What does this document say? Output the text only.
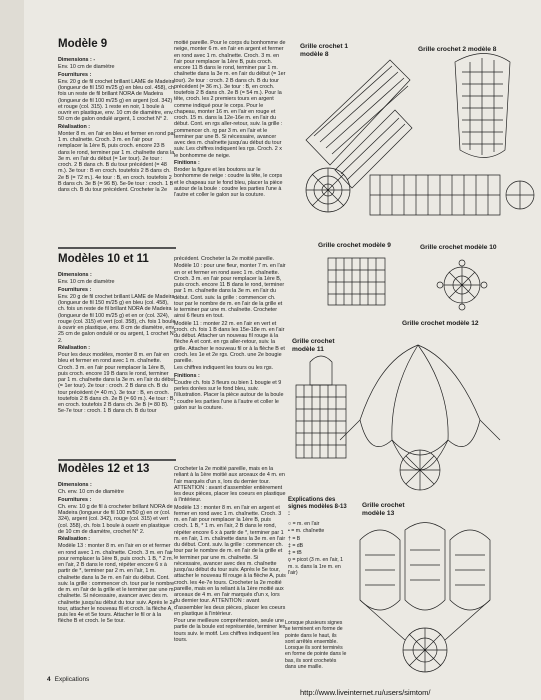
Modèle 9

Dimensions : -

Env. 10 cm de diamètre

Fournitures :

Env. 20 g de fil crochet brillant LAME de Madeira (longueur de fil 150 m/25 g) en bleu col. 458), ch. fois un reste de fil brillant NORA de Madeira (longueur de fil 100 m/25 g) en argent (col. 342) et rouge (col. 315). 1 reste en noir, 1 boule à ouvrir en plastique, env. 10 cm de diamètre, env. 50 cm de galon ondulé argent, 1 crochet N° 2.

Réalisation :

Monter 8 m. en l'air en bleu et fermer en rond par 1 m. chaînette. Croch. 3 m. en l'air pour remplacer la 1ère B, puis croch. encore 23 B dans le rond, terminer par 1 m. chaînette dans la 3e m. en l'air du début (= 1er tour). 2e tour : croch. 2 B dans ch. B du tour précédent (= 48 m.). 3e tour : B en croch. toutefois 2 B dans ch. 2e B (= 72 m.). 4e tour : B, en croch. toutefois 2 B dans ch. 3e B (= 96 B). 5e-9e tour : croch. 1 B dans ch. B du tour précédent. Crocheter la 2e

Modèles 10 et 11

Dimensions :

Env. 10 cm de diamètre

Fournitures :

Env. 20 g de fil crochet brillant LAME de Madeira (longueur de fil 150 m/25 g) en bleu (col. 458), ch. fois un reste de fil brillant NORA de Madeira (longueur de fil 100 m/25 g) et en or (col. 324), rouge (col. 315) et vert (col. 358), ch. fois 1 boule à ouvrir en plastique, env. 8 cm de diamètre, env. 25 cm de galon ondulé or ou argent, 1 crochet N° 2.

Réalisation :

Pour les deux modèles, monter 8 m. en l'air en bleu et fermer en rond avec 1 m. chaînette. Croch. 3 m. en l'air pour remplacer la 1ère B, puis croch. encore 19 B dans le rond, terminer par 1 m. chaînette dans la 3e m. en l'air du début (= 1er tour). 2e tour : croch. 2 B dans ch. B du tour précédent (= 40 m.). 3e tour : B, en croch. toutefois 2 B dans ch. 2e B (= 60 m.). 4e tour : B, en croch. toutefois 2 B dans ch. 3e B (= 80 B). 5e-7e tour : croch. 1 B dans ch. B du tour

Modèles 12 et 13

Dimensions :

Ch. env. 10 cm de diamètre

Fournitures :

Ch. env. 10 g de fil à crocheter brillant NORA de Madeira (longueur de fil 100 m/50 g) en or (col. 324), argent (col. 342), rouge (col. 315) et vert (col. 358), ch. fois 1 boule à ouvrir en plastique de 10 cm de diamètre, crochet N° 2.

Réalisation :

Modèle 13 : monter 8 m. en l'air en or et fermer en rond avec 1 m. chaînette. Croch. 3 m. en l'air pour remplacer la 1ère B, puis croch. 1 B, * 2 m. en l'air, 2 B dans le rond, répéter encore 6 x à partir de *, terminer par 2 m. en l'air, 1 m. chaînette dans la 3e m. en l'air du début. Cont. suiv. la grille : commencer ch. tour par le nombre de m. en l'air de la grille et le terminer par une m. chaînette. Si nécessaire, avancer avec des m. chaînette jusqu'au début du tour suiv. Après le 2e tour, attacher le nouveau fil et croch. la flèche A, puis les 4e et 5e tours. Attacher le fil or à la flèche B et croch. le 5e tour.

moitié pareille. Pour le corps du bonhomme de neige, monter 6 m. en l'air en argent et fermer en rond avec 1 m. chaînette. Croch. 3 m. en l'air pour remplacer la 1ère B, puis croch. encore 11 B dans le rond, terminer par 1 m. chaînette dans la 3e m. en l'air du début (= 1er tour). 2e tour : croch. 2 B dans ch. B du tour précédent (= 36 m.). 3e tour : B, en croch. toutefois 2 B dans ch. 2e B (= 54 m.). Pour la tête, croch. les 2 premiers tours en argent comme indiqué pour le corps. Pour le chapeau, monter 16 m. en l'air en rouge et croch. 15 m. dans la 12e-16e m. en l'air du début. Cont. en rgs aller-retour, suiv. la grille : commencer ch. rg par 3 m. en l'air et le terminer par une B. Si nécessaire, avancer avec des m. chaînette jusqu'au début du tour suiv. Les chiffres indiquent les rgs. Croch. 2 x le bonhomme de neige.

Finitions :

Broder la figure et les boutons sur le bonhomme de neige : coudre la tête, le corps et le chapeau sur le fond bleu, placer la pièce autour de la boule : coudre les parties l'une à l'autre et coller le galon sur la couture.

précédent. Crocheter la 2e moitié pareille.

Modèle 10 : pour une fleur, monter 7 m. en l'air en or et fermer en rond avec 1 m. chaînette. Croch. 3 m. en l'air pour remplacer la 1ère B, puis croch. encore 11 B dans le rond, terminer par 1 m. chaînette dans la 3e m. en l'air du début. Cont. suiv. la grille : commencer ch. tour par le nombre de m. en l'air de la grille et le terminer par une m. chaînette. Crocheter ainsi 6 fleurs en tout.

Modèle 11 : monter 22 m. en l'air en vert et croch. ch. fois 1 B dans les 15e-18e m. en l'air du début. Attacher un nouveau fil rouge à la flèche A et cont. en rgs aller-retour, suiv. la grille. Attacher le nouveau fil or à la flèche B et croch. les 1e et 2e rgs. Croch. une 2e bougie pareille.

Les chiffres indiquent les tours ou les rgs.

Finitions :

Coudre ch. fois 3 fleurs ou bien 1 bougie et 9 perles dorées sur le fond bleu, suiv. l'illustration. Placer la pièce autour de la boule ; coudre les parties l'une à l'autre et coller le galon sur la couture.

Crocheter la 2e moitié pareille, mais en la reliant à la 1ère moitié aux arceaux de 4 m. en l'air marqués d'un x, lors du dernier tour. ATTENTION : avant d'assembler entièrement les deux pièces, placer les coeurs en plastique à l'intérieur.

Modèle 13 : monter 8 m. en l'air en argent et fermer en rond avec 1 m. chaînette. Croch. 3 m. en l'air pour remplacer la 1ère B, puis croch. 1 B, * 1 m. en l'air, 2 B dans le rond, répéter encore 6 x à partir de *, terminer par 1 m. en l'air, 1 m. chaînette dans la 3e m. en l'air du début. Cont. suiv. la grille : commencer ch. tour par le nombre de m. en l'air de la grille et le terminer par une m. chaînette. Si nécessaire, avancer avec des m. chaînette jusqu'au début du tour suiv. Après le 5e tour, attacher le nouveau fil rouge à la flèche A, puis croch. les 4e-7e tours. Crocheter la 2e moitié pareille, mais en la reliant à la 1ère moitié aux arceaux de 4 m. en l'air marqués d'un x, lors du dernier tour. ATTENTION : avant d'assembler les deux pièces, placer les coeurs en plastique à l'intérieur.

Pour une meilleure compréhension, seule une partie de la boule est représentée, terminer les tours suiv. le motif. Les chiffres indiquent les tours.

Grille crochet 1 modèle 8
Grille crochet 2 modèle 8
Grille crochet modèle 9	Grille crochet modèle 10
Grille crochet modèle 11
Grille crochet modèle 12
Grille crochet modèle 13
Explications des signes modèles 8-13 :
○ = m. en l'air
• = m. chaînette
† = B
‡ = dB
‡ = tB
ϙ = picot (3 m. en l'air, 1 m. s. dans la 1re m. en l'air)
Lorsque plusieurs signes se terminent en forme de pointe dans le haut, ils sont arrêtés ensemble. Lorsque ils sont terminés en forme de pointe dans le bas, ils sont crochetés dans une maille.
4 Explications
http://www.liveinternet.ru/users/simtom/
